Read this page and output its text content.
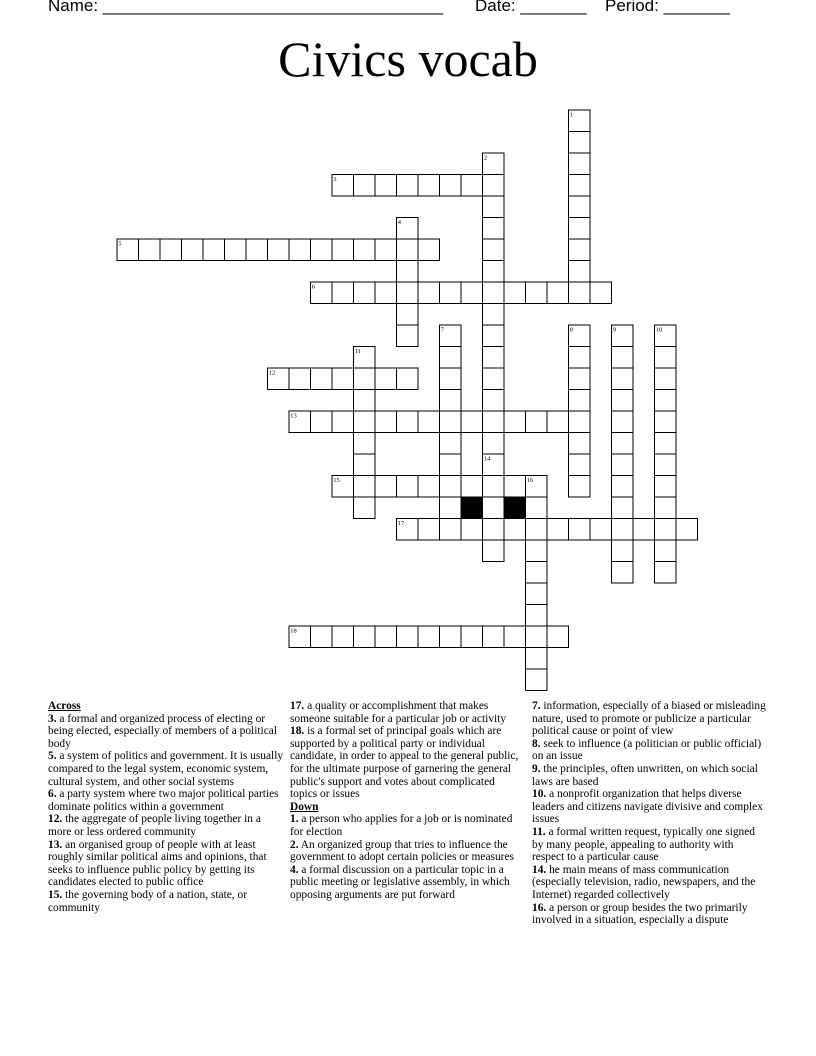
Name: ____________________________________ Date: _______ Period: _______
Civics vocab
1
2
14
3
4
5
6
7	8	9	10
11
12
13
15	16
17
18
Across
3. a formal and organized process of electing or being elected, especially of members of a political body
5. a system of politics and government. It is usually compared to the legal system, economic system, cultural system, and other social systems
6. a party system where two major political parties dominate politics within a government
12. the aggregate of people living together in a more or less ordered community
13. an organised group of people with at least roughly similar political aims and opinions, that seeks to influence public policy by getting its candidates elected to public office
15. the governing body of a nation, state, or community
17. a quality or accomplishment that makes someone suitable for a particular job or activity
18. is a formal set of principal goals which are supported by a political party or individual candidate, in order to appeal to the general public, for the ultimate purpose of garnering the general public's support and votes about complicated topics or issues
Down
1. a person who applies for a job or is nominated for election
2. An organized group that tries to influence the government to adopt certain policies or measures
4. a formal discussion on a particular topic in a public meeting or legislative assembly, in which opposing arguments are put forward
7. information, especially of a biased or misleading nature, used to promote or publicize a particular political cause or point of view
8. seek to influence (a politician or public official) on an issue
9. the principles, often unwritten, on which social laws are based
10. a nonprofit organization that helps diverse leaders and citizens navigate divisive and complex issues
11. a formal written request, typically one signed by many people, appealing to authority with respect to a particular cause
14. he main means of mass communication (especially television, radio, newspapers, and the Internet) regarded collectively
16. a person or group besides the two primarily involved in a situation, especially a dispute
